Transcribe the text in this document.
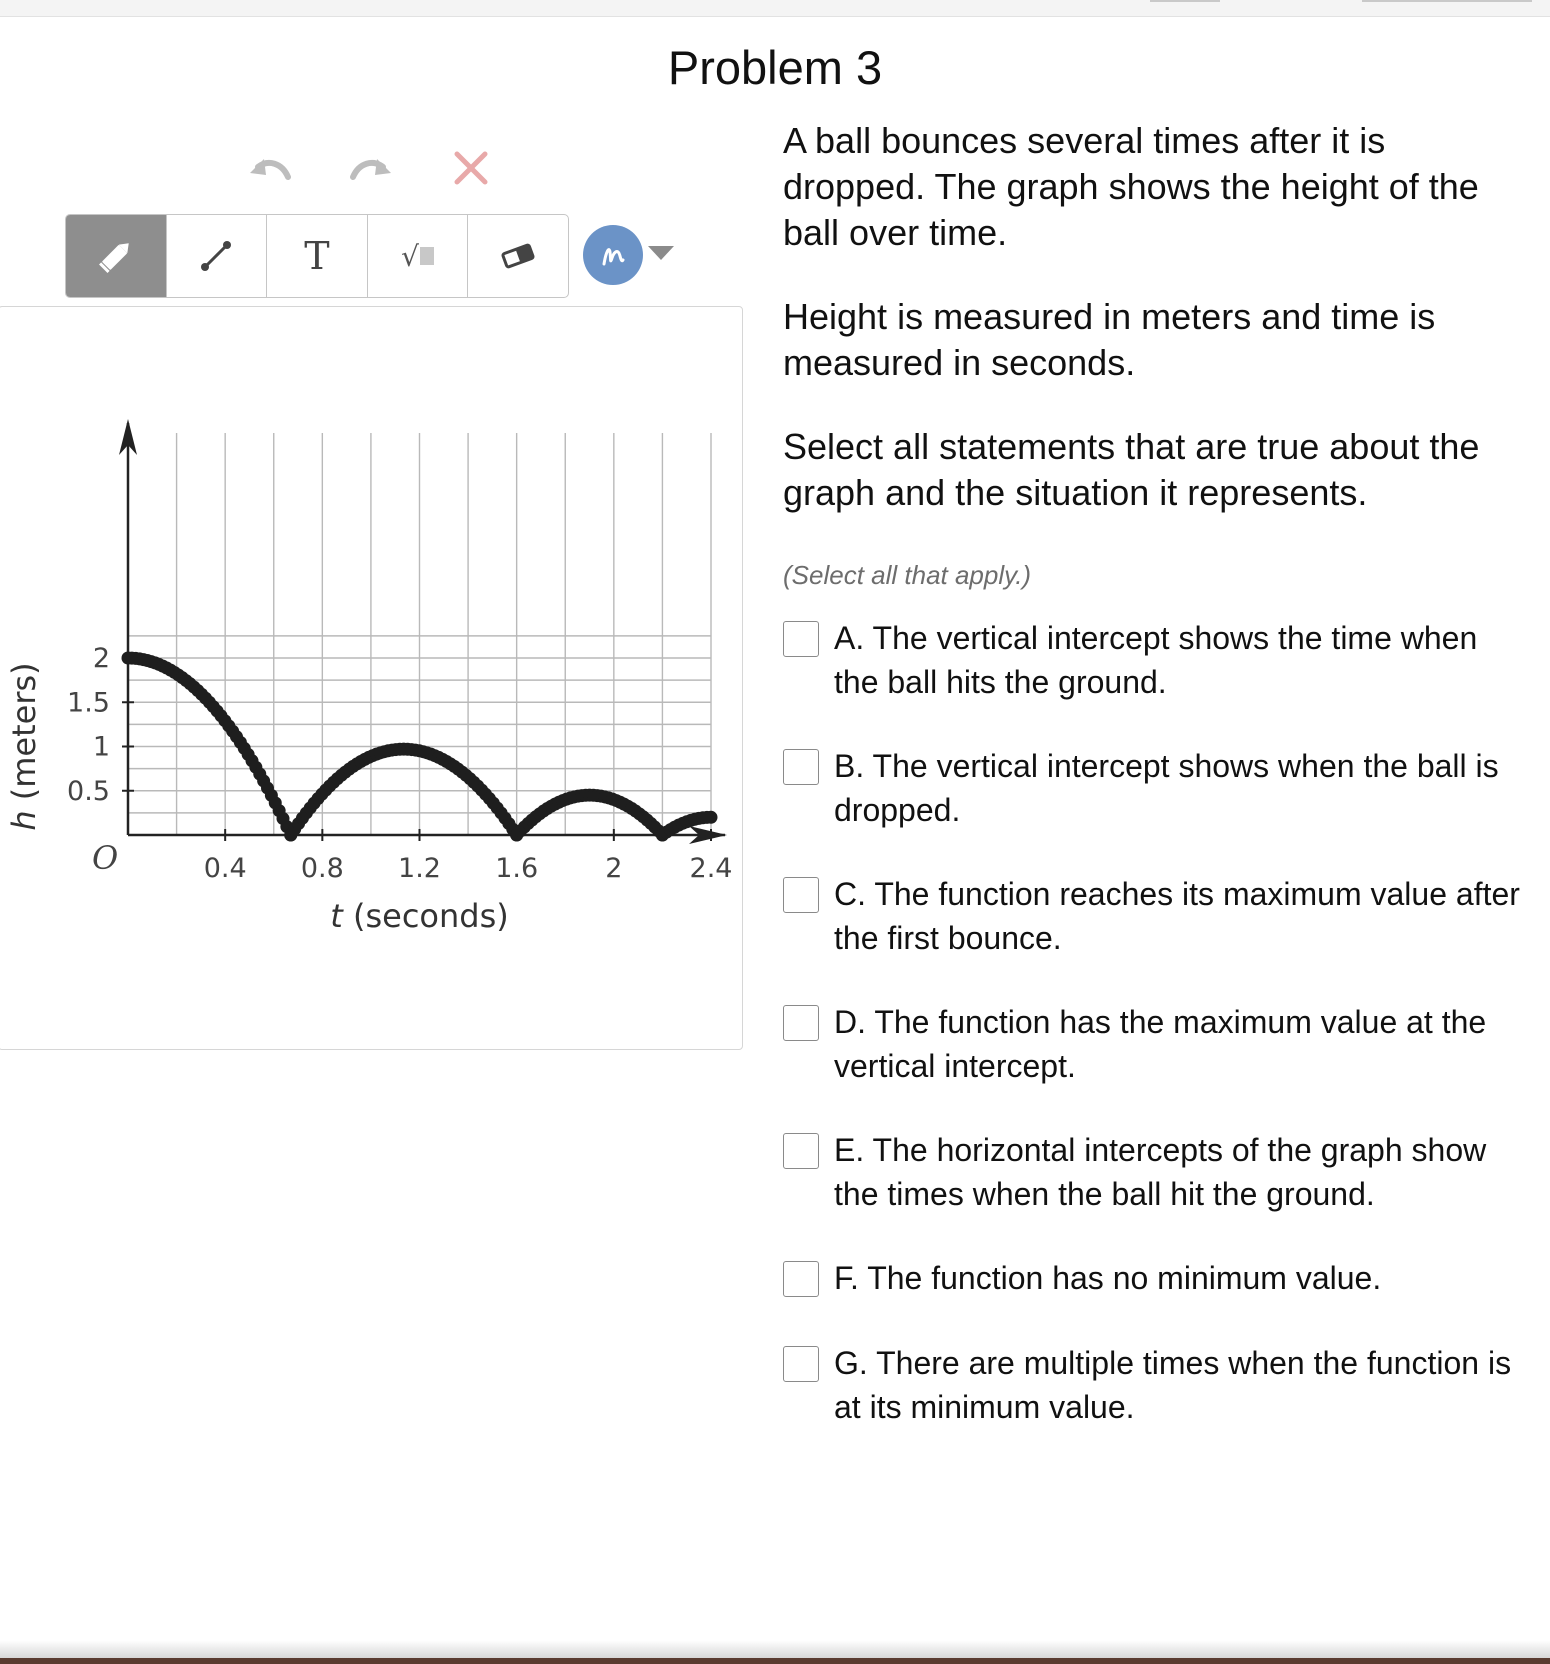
Problem 3
T	√
t (seconds)
h (meters)
O	0.4 0.8 1.2 1.6 2 2.4
0.5
1
1.5
2

A ball bounces several times after it is dropped. The graph shows the height of the ball over time.

Height is measured in meters and time is measured in seconds.

Select all statements that are true about the graph and the situation it represents.

(Select all that apply.)
A. The vertical intercept shows the time when the ball hits the ground.
B. The vertical intercept shows when the ball is dropped.
C. The function reaches its maximum value after the first bounce.
D. The function has the maximum value at the vertical intercept.
E. The horizontal intercepts of the graph show the times when the ball hit the ground.
F. The function has no minimum value.
G. There are multiple times when the function is at its minimum value.
